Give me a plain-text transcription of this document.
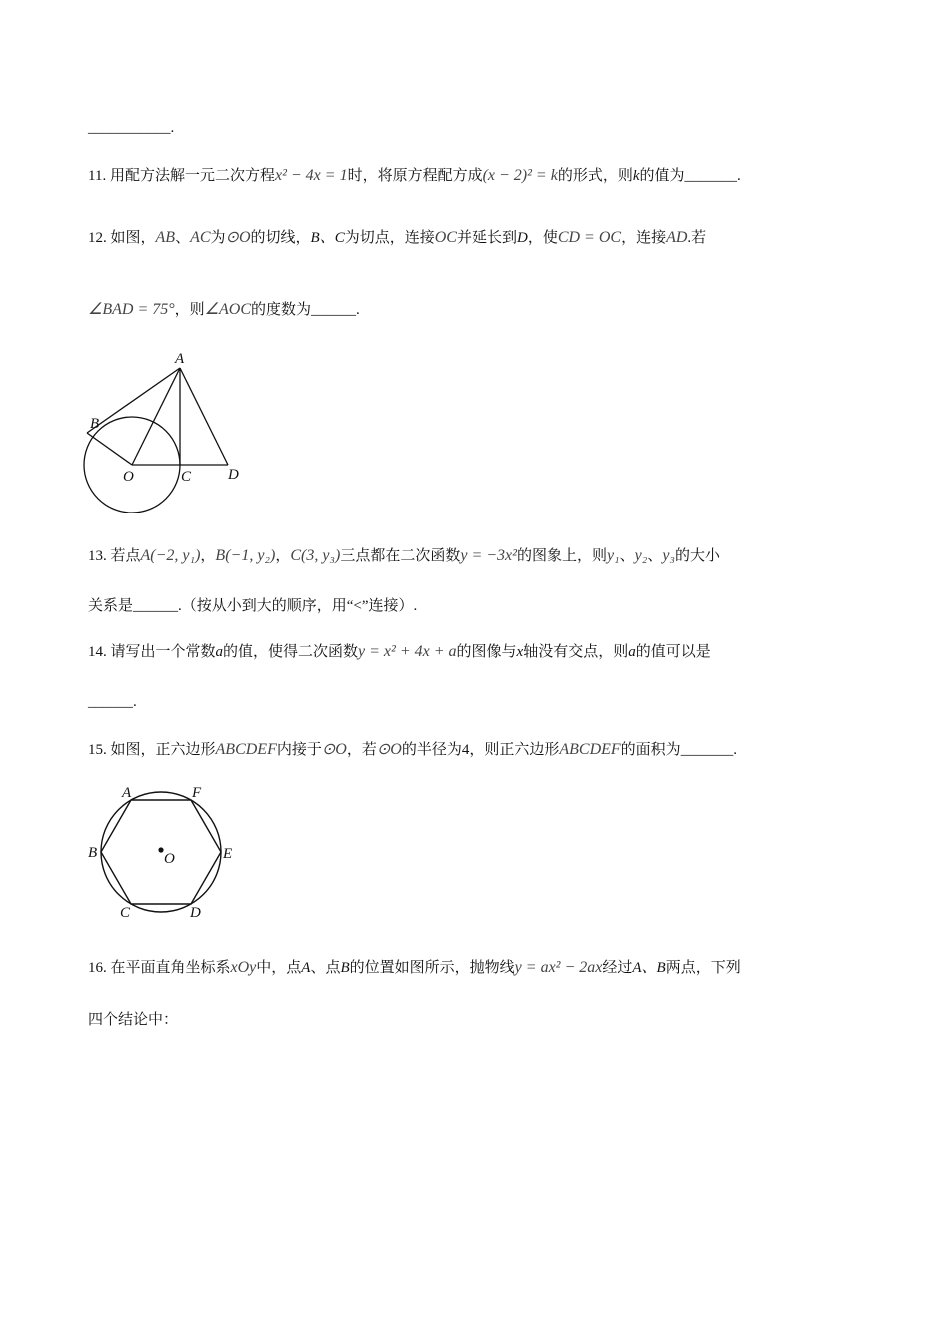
___________.
11. 用配方法解一元二次方程x² − 4x = 1时，将原方程配方成(x − 2)² = k的形式，则k的值为_______.
12. 如图，AB、AC为⊙O的切线，B、C为切点，连接OC并延长到D，使CD = OC，连接AD.若
∠BAD = 75°，则∠AOC的度数为______.
A
B
O	C D
13. 若点A(−2, y₁)，B(−1, y₂)，C(3, y₃)三点都在二次函数y = −3x²的图象上，则y₁、y₂、y₃的大小
关系是______.（按从小到大的顺序，用“<”连接）.
14. 请写出一个常数a的值，使得二次函数y = x² + 4x + a的图像与x轴没有交点，则a的值可以是
______.
15. 如图，正六边形ABCDEF内接于⊙O，若⊙O的半径为4，则正六边形ABCDEF的面积为_______.
A	F
B	E
O
C	D
16. 在平面直角坐标系xOy中，点A、点B的位置如图所示，抛物线y = ax² − 2ax经过A、B两点，下列
四个结论中：
